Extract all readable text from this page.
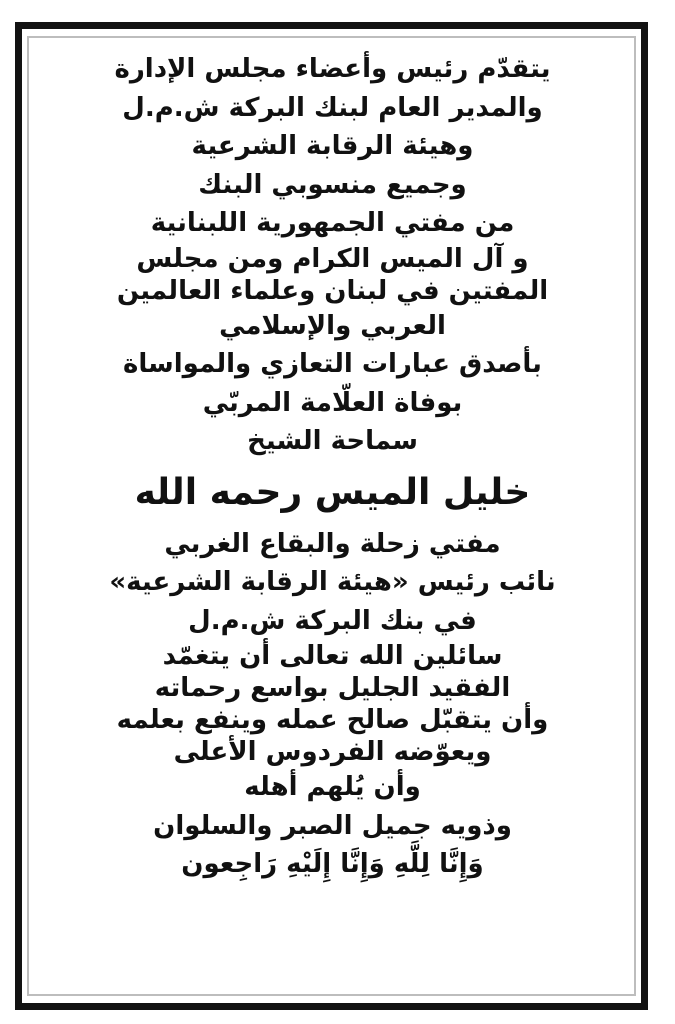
يتقدّم رئيس وأعضاء مجلس الإدارة
والمدير العام لبنك البركة ش.م.ل
وهيئة الرقابة الشرعية
وجميع منسوبي البنك
من مفتي الجمهورية اللبنانية
و آل الميس الكرام ومن مجلس
المفتين في لبنان وعلماء العالمين
العربي والإسلامي
بأصدق عبارات التعازي والمواساة
بوفاة العلّامة المربّي
سماحة الشيخ
خليل الميس رحمه الله
مفتي زحلة والبقاع الغربي
نائب رئيس «هيئة الرقابة الشرعية»
في بنك البركة ش.م.ل
سائلين الله تعالى أن يتغمّد
الفقيد الجليل بواسع رحماته
وأن يتقبّل صالح عمله وينفع بعلمه
ويعوّضه الفردوس الأعلى
وأن يُلهم أهله
وذويه جميل الصبر والسلوان
وَإِنَّا لِلَّهِ وَإِنَّا إِلَيْهِ رَاجِعون
